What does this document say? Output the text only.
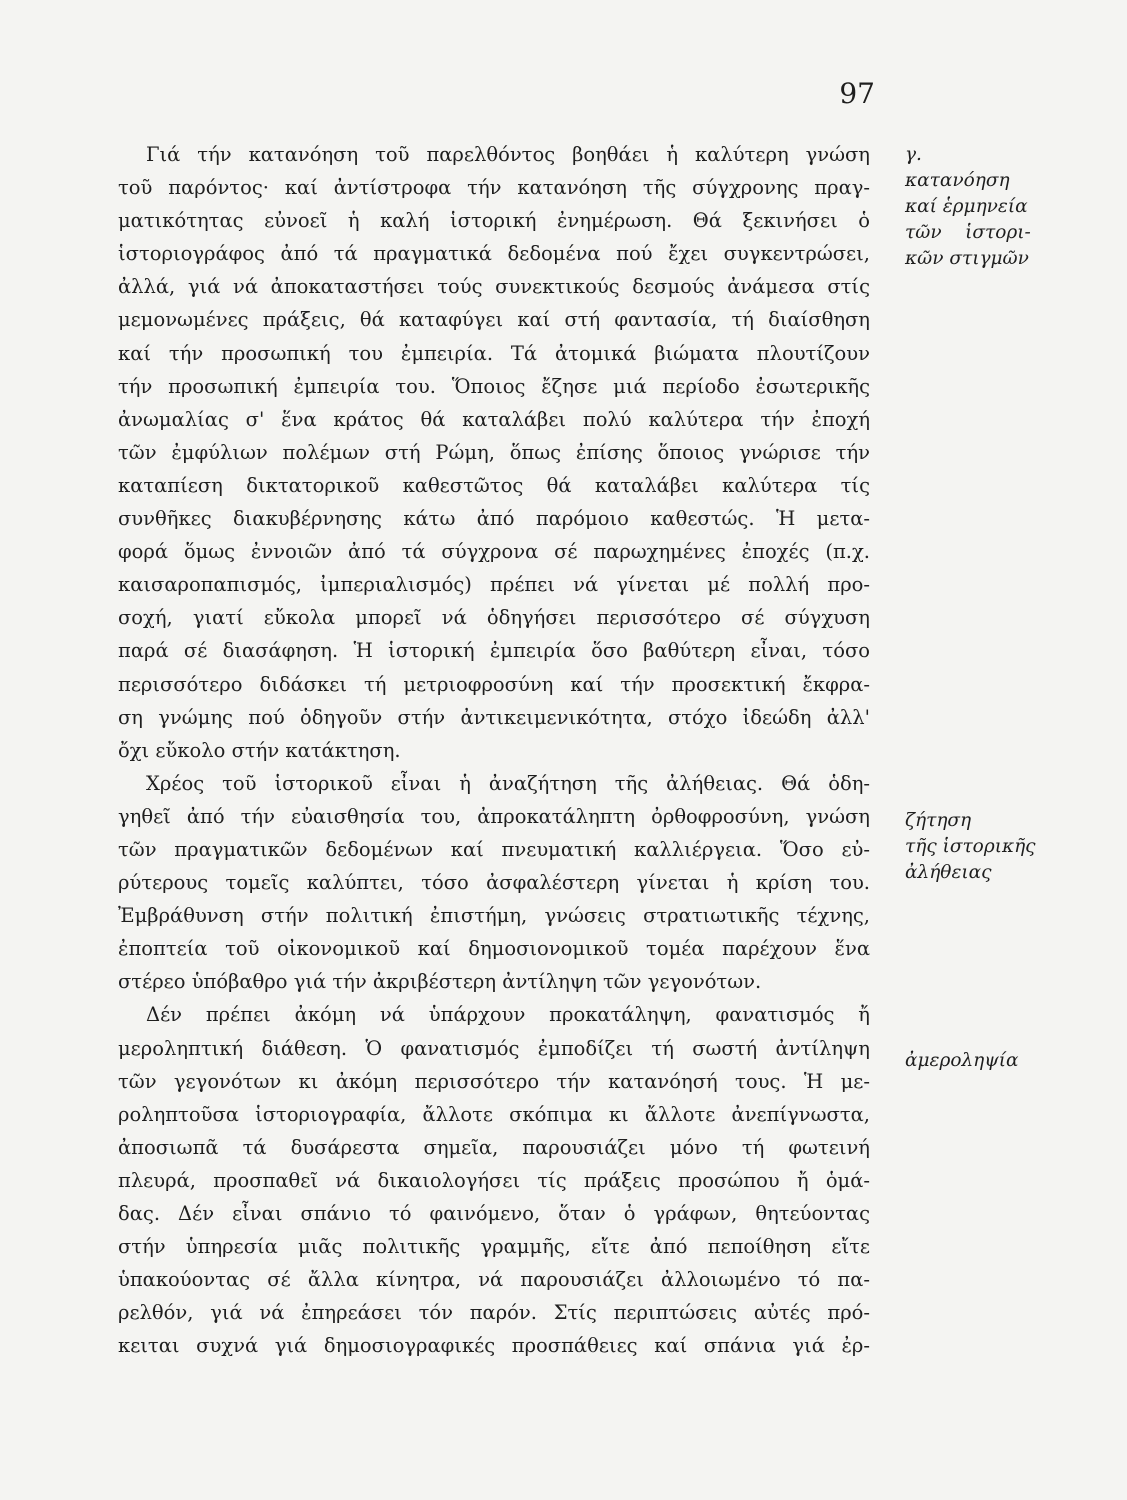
97
Γιά τήν κατανόηση τοῦ παρελθόντος βοηθάει ἡ καλύτερη γνώση
τοῦ παρόντος· καί ἀντίστροφα τήν κατανόηση τῆς σύγχρονης πραγ-
ματικότητας εὐνοεῖ ἡ καλή ἱστορική ἐνημέρωση. Θά ξεκινήσει ὁ
ἱστοριογράφος ἀπό τά πραγματικά δεδομένα πού ἔχει συγκεντρώσει,
ἀλλά, γιά νά ἀποκαταστήσει τούς συνεκτικούς δεσμούς ἀνάμεσα στίς
μεμονωμένες πράξεις, θά καταφύγει καί στή φαντασία, τή διαίσθηση
καί τήν προσωπική του ἐμπειρία. Τά ἀτομικά βιώματα πλουτίζουν
τήν προσωπική ἐμπειρία του. Ὅποιος ἔζησε μιά περίοδο ἐσωτερικῆς
ἀνωμαλίας σ' ἕνα κράτος θά καταλάβει πολύ καλύτερα τήν ἐποχή
τῶν ἐμφύλιων πολέμων στή Ρώμη, ὅπως ἐπίσης ὅποιος γνώρισε τήν
καταπίεση δικτατορικοῦ καθεστῶτος θά καταλάβει καλύτερα τίς
συνθῆκες διακυβέρνησης κάτω ἀπό παρόμοιο καθεστώς. Ἡ μετα-
φορά ὅμως ἐννοιῶν ἀπό τά σύγχρονα σέ παρωχημένες ἐποχές (π.χ.
καισαροπαπισμός, ἰμπεριαλισμός) πρέπει νά γίνεται μέ πολλή προ-
σοχή, γιατί εὔκολα μπορεῖ νά ὁδηγήσει περισσότερο σέ σύγχυση
παρά σέ διασάφηση. Ἡ ἱστορική ἐμπειρία ὅσο βαθύτερη εἶναι, τόσο
περισσότερο διδάσκει τή μετριοφροσύνη καί τήν προσεκτική ἔκφρα-
ση γνώμης πού ὁδηγοῦν στήν ἀντικειμενικότητα, στόχο ἰδεώδη ἀλλ'
ὄχι εὔκολο στήν κατάκτηση.
Χρέος τοῦ ἱστορικοῦ εἶναι ἡ ἀναζήτηση τῆς ἀλήθειας. Θά ὁδη-
γηθεῖ ἀπό τήν εὐαισθησία του, ἀπροκατάληπτη ὀρθοφροσύνη, γνώση
τῶν πραγματικῶν δεδομένων καί πνευματική καλλιέργεια. Ὅσο εὐ-
ρύτερους τομεῖς καλύπτει, τόσο ἀσφαλέστερη γίνεται ἡ κρίση του.
Ἐμβράθυνση στήν πολιτική ἐπιστήμη, γνώσεις στρατιωτικῆς τέχνης,
ἐποπτεία τοῦ οἰκονομικοῦ καί δημοσιονομικοῦ τομέα παρέχουν ἕνα
στέρεο ὑπόβαθρο γιά τήν ἀκριβέστερη ἀντίληψη τῶν γεγονότων.
Δέν πρέπει ἀκόμη νά ὑπάρχουν προκατάληψη, φανατισμός ἤ
μεροληπτική διάθεση. Ὁ φανατισμός ἐμποδίζει τή σωστή ἀντίληψη
τῶν γεγονότων κι ἀκόμη περισσότερο τήν κατανόησή τους. Ἡ με-
ροληπτοῦσα ἱστοριογραφία, ἄλλοτε σκόπιμα κι ἄλλοτε ἀνεπίγνωστα,
ἀποσιωπᾶ τά δυσάρεστα σημεῖα, παρουσιάζει μόνο τή φωτεινή
πλευρά, προσπαθεῖ νά δικαιολογήσει τίς πράξεις προσώπου ἤ ὁμά-
δας. Δέν εἶναι σπάνιο τό φαινόμενο, ὅταν ὁ γράφων, θητεύοντας
στήν ὑπηρεσία μιᾶς πολιτικῆς γραμμῆς, εἴτε ἀπό πεποίθηση εἴτε
ὑπακούοντας σέ ἄλλα κίνητρα, νά παρουσιάζει ἀλλοιωμένο τό πα-
ρελθόν, γιά νά ἐπηρεάσει τόν παρόν. Στίς περιπτώσεις αὐτές πρό-
κειται συχνά γιά δημοσιογραφικές προσπάθειες καί σπάνια γιά ἐρ-
γ.
κατανόηση
καί ἑρμηνεία
τῶν    ἱστορι-
κῶν στιγμῶν
ζήτηση
τῆς ἱστορικῆς
ἀλήθειας
ἀμεροληψία
